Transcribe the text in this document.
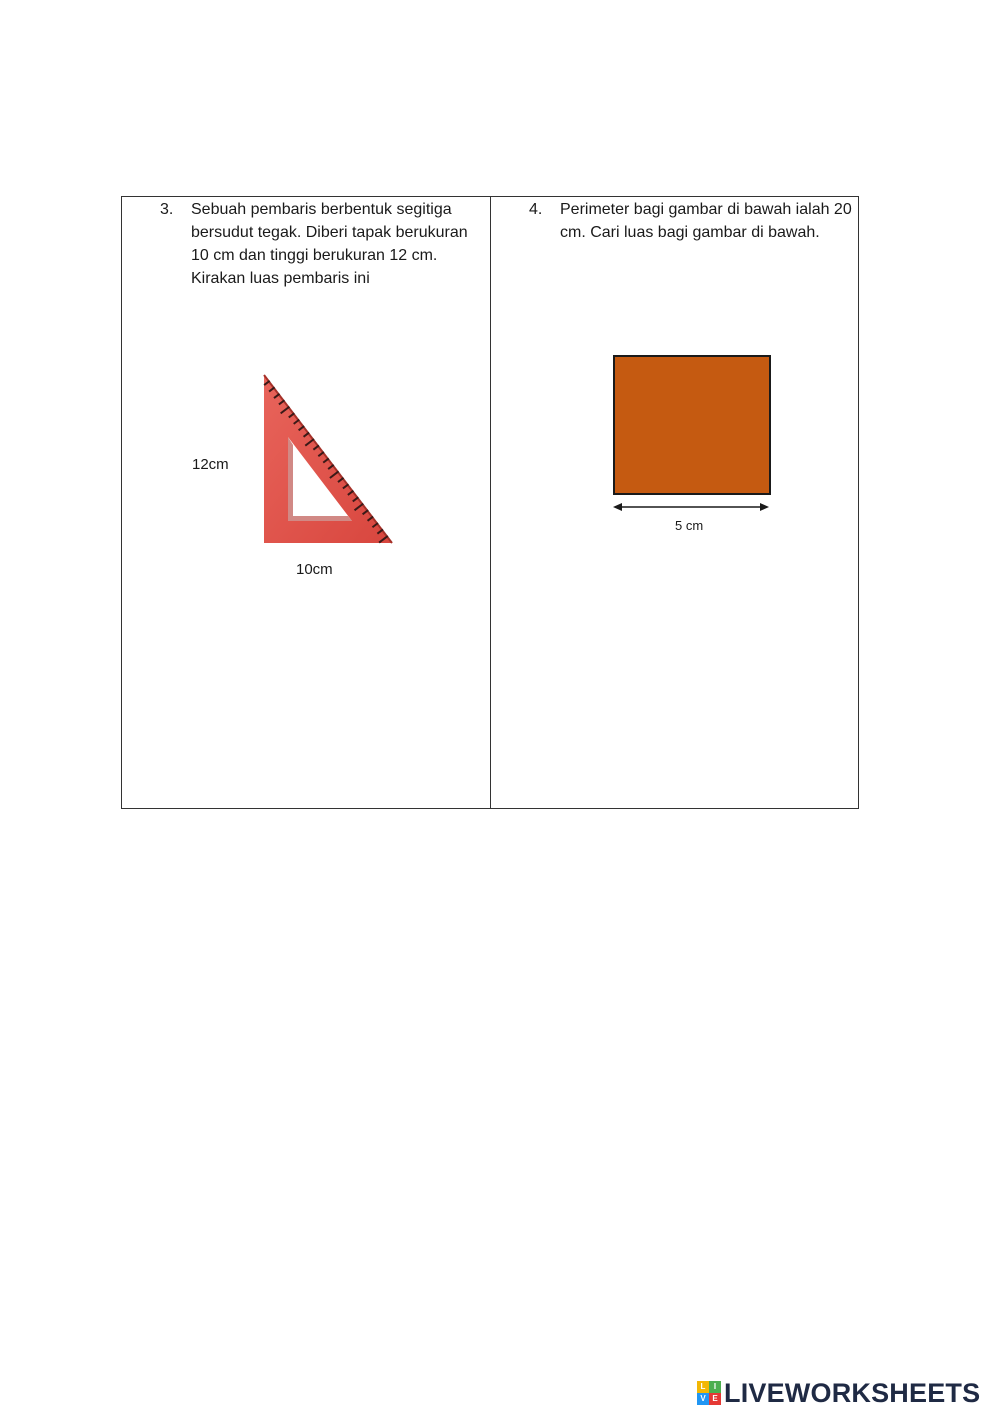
3. Sebuah pembaris berbentuk segitiga bersudut tegak. Diberi tapak berukuran 10 cm dan tinggi berukuran 12 cm. Kirakan luas pembaris ini
12cm
10cm
4. Perimeter bagi gambar di bawah ialah 20 cm. Cari luas bagi gambar di bawah.
5 cm
L	I
V E LIVEWORKSHEETS
